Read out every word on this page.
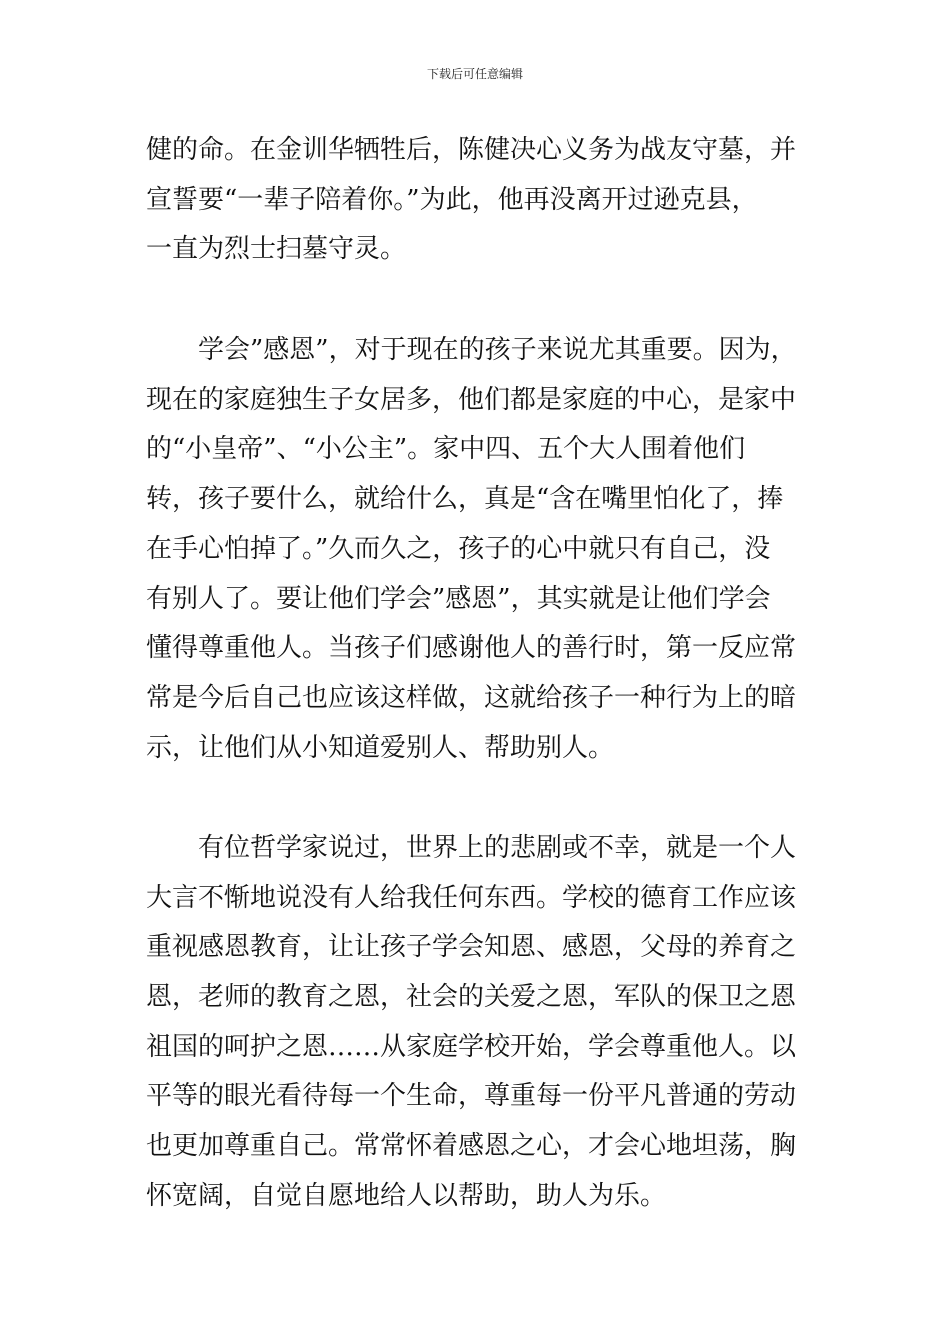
下载后可任意编辑
健的命。在金训华牺牲后，陈健决心义务为战友守墓，并
宣誓要“一辈子陪着你。”为此，他再没离开过逊克县，
一直为烈士扫墓守灵。
学会”感恩”，对于现在的孩子来说尤其重要。因为，
现在的家庭独生子女居多，他们都是家庭的中心，是家中
的“小皇帝”、“小公主”。家中四、五个大人围着他们
转，孩子要什么，就给什么，真是“含在嘴里怕化了，捧
在手心怕掉了。”久而久之，孩子的心中就只有自己，没
有别人了。要让他们学会”感恩”，其实就是让他们学会
懂得尊重他人。当孩子们感谢他人的善行时，第一反应常
常是今后自己也应该这样做，这就给孩子一种行为上的暗
示，让他们从小知道爱别人、帮助别人。
有位哲学家说过，世界上的悲剧或不幸，就是一个人
大言不惭地说没有人给我任何东西。学校的德育工作应该
重视感恩教育，让让孩子学会知恩、感恩，父母的养育之
恩，老师的教育之恩，社会的关爱之恩，军队的保卫之恩
祖国的呵护之恩……从家庭学校开始，学会尊重他人。以
平等的眼光看待每一个生命，尊重每一份平凡普通的劳动
也更加尊重自己。常常怀着感恩之心，才会心地坦荡，胸
怀宽阔，自觉自愿地给人以帮助，助人为乐。
